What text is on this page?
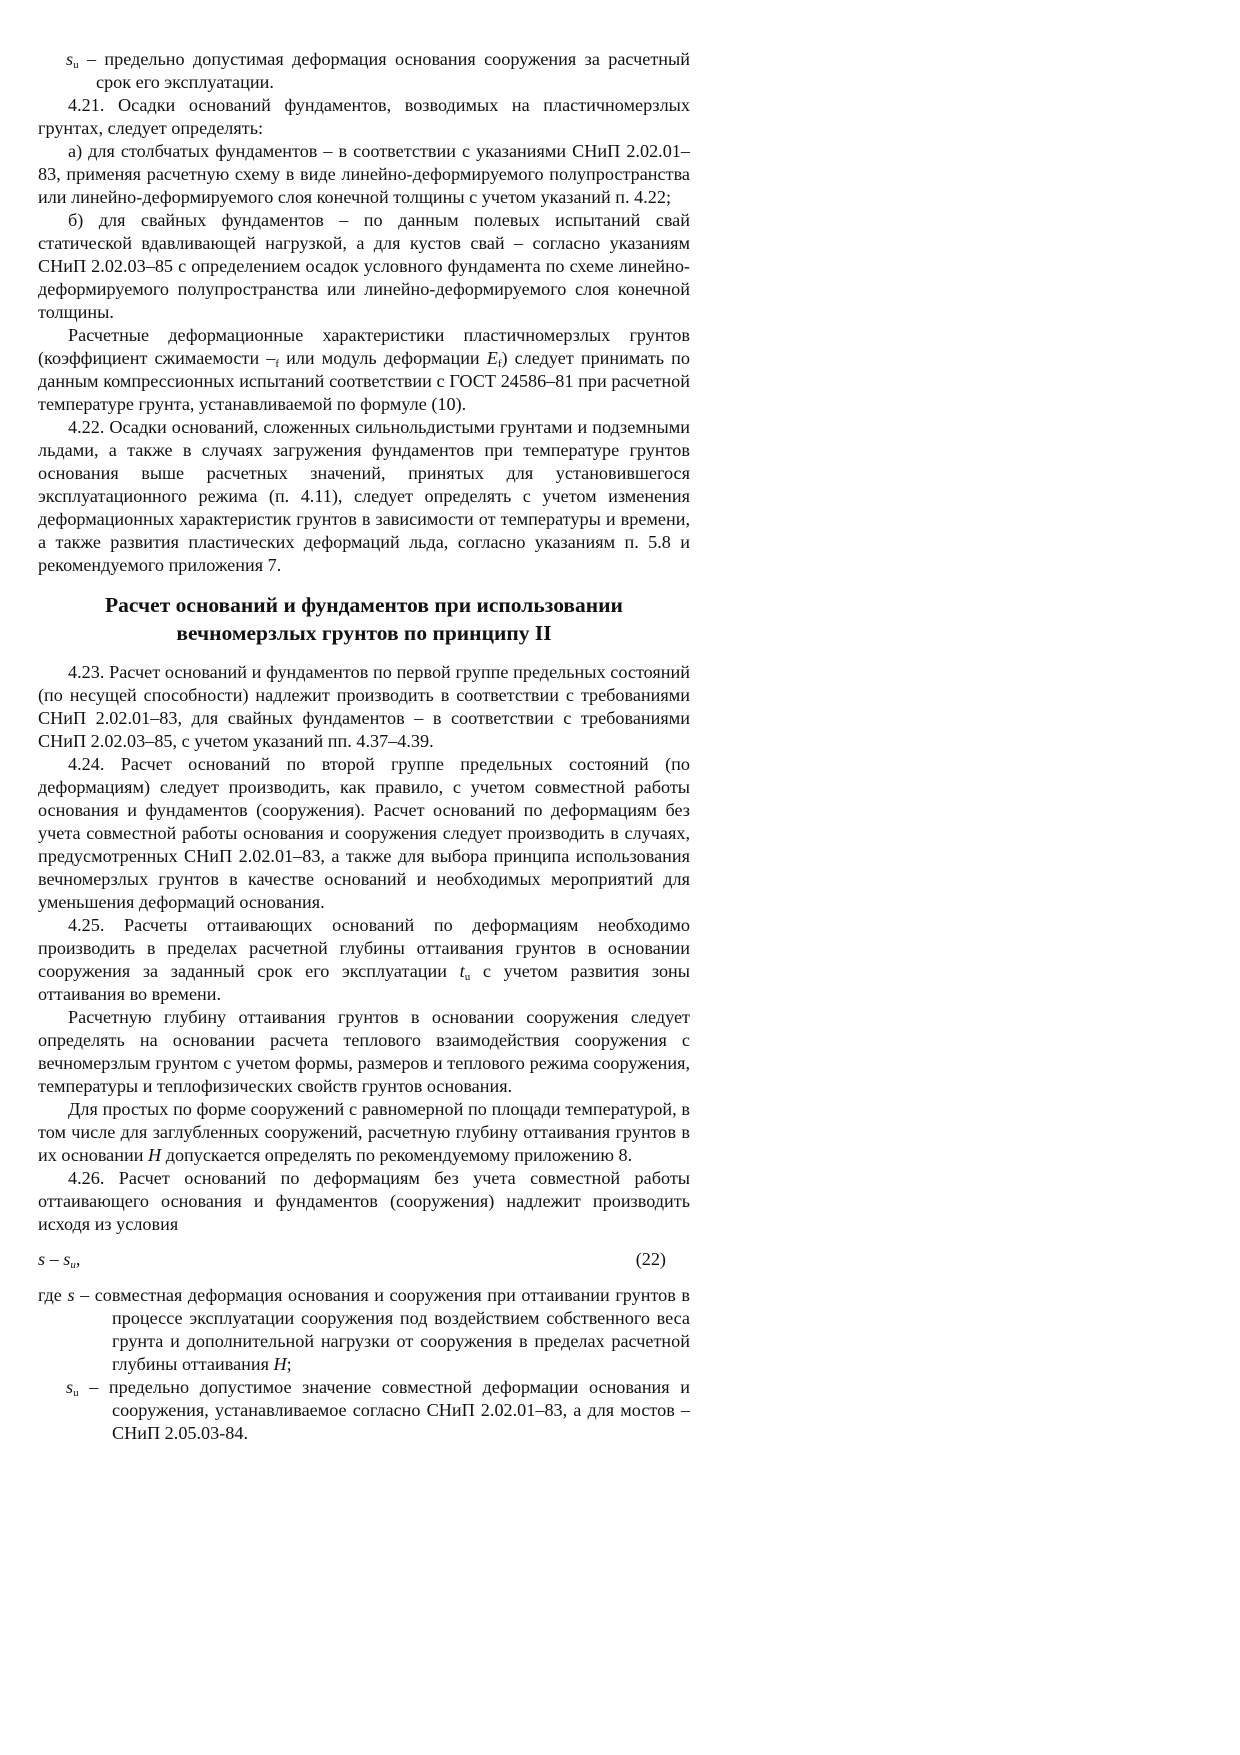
$s_u$ – предельно допустимая деформация основания сооружения за расчетный срок его эксплуатации.

4.21. Осадки оснований фундаментов, возводимых на пластичномерзлых грунтах, следует определять:

а) для столбчатых фундаментов – в соответствии с указаниями СНиП 2.02.01–83, применяя расчетную схему в виде линейно-деформируемого полупространства или линейно-деформируемого слоя конечной толщины с учетом указаний п. 4.22;

б) для свайных фундаментов – по данным полевых испытаний свай статической вдавливающей нагрузкой, а для кустов свай – согласно указаниям СНиП 2.02.03–85 с определением осадок условного фундамента по схеме линейно-деформируемого полупространства или линейно-деформируемого слоя конечной толщины.

Расчетные деформационные характеристики пластичномерзлых грунтов (коэффициент сжимаемости $-_f$ или модуль деформации $E_f$) следует принимать по данным компрессионных испытаний соответствии с ГОСТ 24586–81 при расчетной температуре грунта, устанавливаемой по формуле (10).

4.22. Осадки оснований, сложенных сильнольдистыми грунтами и подземными льдами, а также в случаях загружения фундаментов при температуре грунтов основания выше расчетных значений, принятых для установившегося эксплуатационного режима (п. 4.11), следует определять с учетом изменения деформационных характеристик грунтов в зависимости от температуры и времени, а также развития пластических деформаций льда, согласно указаниям п. 5.8 и рекомендуемого приложения 7.

Расчет оснований и фундаментов при использовании вечномерзлых грунтов по принципу II

4.23. Расчет оснований и фундаментов по первой группе предельных состояний (по несущей способности) надлежит производить в соответствии с требованиями СНиП 2.02.01–83, для свайных фундаментов – в соответствии с требованиями СНиП 2.02.03–85, с учетом указаний пп. 4.37–4.39.

4.24. Расчет оснований по второй группе предельных состояний (по деформациям) следует производить, как правило, с учетом совместной работы основания и фундаментов (сооружения). Расчет оснований по деформациям без учета совместной работы основания и сооружения следует производить в случаях, предусмотренных СНиП 2.02.01–83, а также для выбора принципа использования вечномерзлых грунтов в качестве оснований и необходимых мероприятий для уменьшения деформаций основания.

4.25. Расчеты оттаивающих оснований по деформациям необходимо производить в пределах расчетной глубины оттаивания грунтов в основании сооружения за заданный срок его эксплуатации $t_u$ с учетом развития зоны оттаивания во времени.

Расчетную глубину оттаивания грунтов в основании сооружения следует определять на основании расчета теплового взаимодействия сооружения с вечномерзлым грунтом с учетом формы, размеров и теплового режима сооружения, температуры и теплофизических свойств грунтов основания.

Для простых по форме сооружений с равномерной по площади температурой, в том числе для заглубленных сооружений, расчетную глубину оттаивания грунтов в их основании H допускается определять по рекомендуемому приложению 8.

4.26. Расчет оснований по деформациям без учета совместной работы оттаивающего основания и фундаментов (сооружения) надлежит производить исходя из условия

s – $s_u$,	(22)

где s – совместная деформация основания и сооружения при оттаивании грунтов в процессе эксплуатации сооружения под воздействием собственного веса грунта и дополнительной нагрузки от сооружения в пределах расчетной глубины оттаивания H;

$s_u$ – предельно допустимое значение совместной деформации основания и сооружения, устанавливаемое согласно СНиП 2.02.01–83, а для мостов – СНиП 2.05.03-84.
